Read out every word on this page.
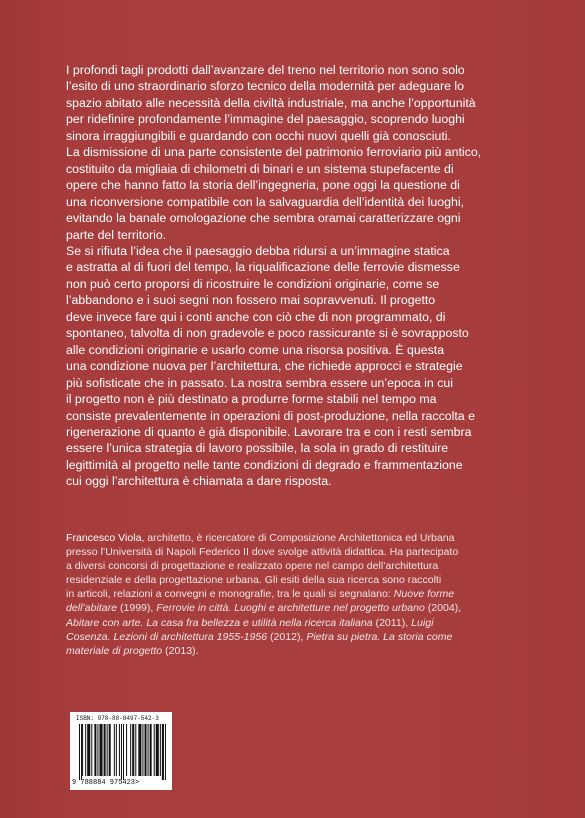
I profondi tagli prodotti dall’avanzare del treno nel territorio non sono solo
l’esito di uno straordinario sforzo tecnico della modernità per adeguare lo
spazio abitato alle necessità della civiltà industriale, ma anche l’opportunità
per ridefinire profondamente l’immagine del paesaggio, scoprendo luoghi
sinora irraggiungibili e guardando con occhi nuovi quelli già conosciuti.

La dismissione di una parte consistente del patrimonio ferroviario più antico,
costituito da migliaia di chilometri di binari e un sistema stupefacente di
opere che hanno fatto la storia dell’ingegneria, pone oggi la questione di
una riconversione compatibile con la salvaguardia dell’identità dei luoghi,
evitando la banale omologazione che sembra oramai caratterizzare ogni
parte del territorio.

Se si rifiuta l’idea che il paesaggio debba ridursi a un’immagine statica
e astratta al di fuori del tempo, la riqualificazione delle ferrovie dismesse
non può certo proporsi di ricostruire le condizioni originarie, come se
l’abbandono e i suoi segni non fossero mai sopravvenuti. Il progetto
deve invece fare qui i conti anche con ciò che di non programmato, di
spontaneo, talvolta di non gradevole e poco rassicurante si è sovrapposto
alle condizioni originarie e usarlo come una risorsa positiva. È questa
una condizione nuova per l’architettura, che richiede approcci e strategie
più sofisticate che in passato. La nostra sembra essere un’epoca in cui
il progetto non è più destinato a produrre forme stabili nel tempo ma
consiste prevalentemente in operazioni di post-produzione, nella raccolta e
rigenerazione di quanto è già disponibile. Lavorare tra e con i resti sembra
essere l’unica strategia di lavoro possibile, la sola in grado di restituire
legittimità al progetto nelle tante condizioni di degrado e frammentazione
cui oggi l’architettura è chiamata a dare risposta.

Francesco Viola, architetto, è ricercatore di Composizione Architettonica ed Urbana
presso l’Università di Napoli Federico II dove svolge attività didattica. Ha partecipato
a diversi concorsi di progettazione e realizzato opere nel campo dell’architettura
residenziale e della progettazione urbana. Gli esiti della sua ricerca sono raccolti
in articoli, relazioni a convegni e monografie, tra le quali si segnalano: Nuove forme
dell’abitare (1999), Ferrovie in città. Luoghi e architetture nel progetto urbano (2004),
Abitare con arte. La casa fra bellezza e utilità nella ricerca italiana (2011), Luigi
Cosenza. Lezioni di architettura 1955-1956 (2012), Pietra su pietra. La storia come
materiale di progetto (2013).

ISBN: 978-88-8497-542-3
9 788884 975423>
